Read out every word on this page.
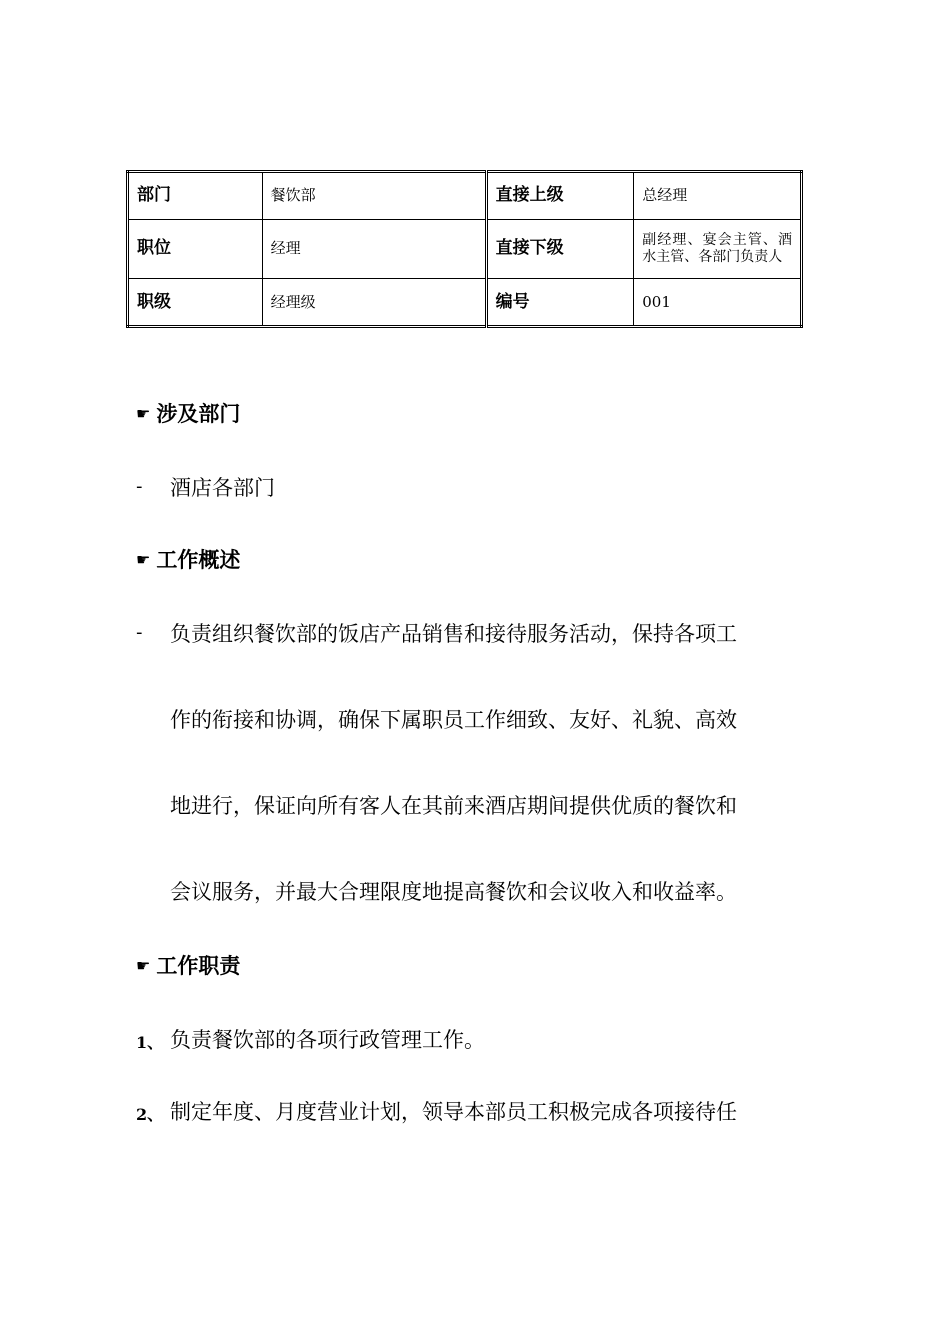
部门	餐饮部	直接上级	总经理
职位	经理	直接下级	副经理、宴会主管、酒水主管、各部门负责人
职级	经理级	编号	001
☛ 涉及部门
- 酒店各部门
☛ 工作概述
- 负责组织餐饮部的饭店产品销售和接待服务活动，保持各项工
作的衔接和协调，确保下属职员工作细致、友好、礼貌、高效
地进行，保证向所有客人在其前来酒店期间提供优质的餐饮和
会议服务，并最大合理限度地提高餐饮和会议收入和收益率。
☛ 工作职责
1、 负责餐饮部的各项行政管理工作。
2、 制定年度、月度营业计划，领导本部员工积极完成各项接待任
